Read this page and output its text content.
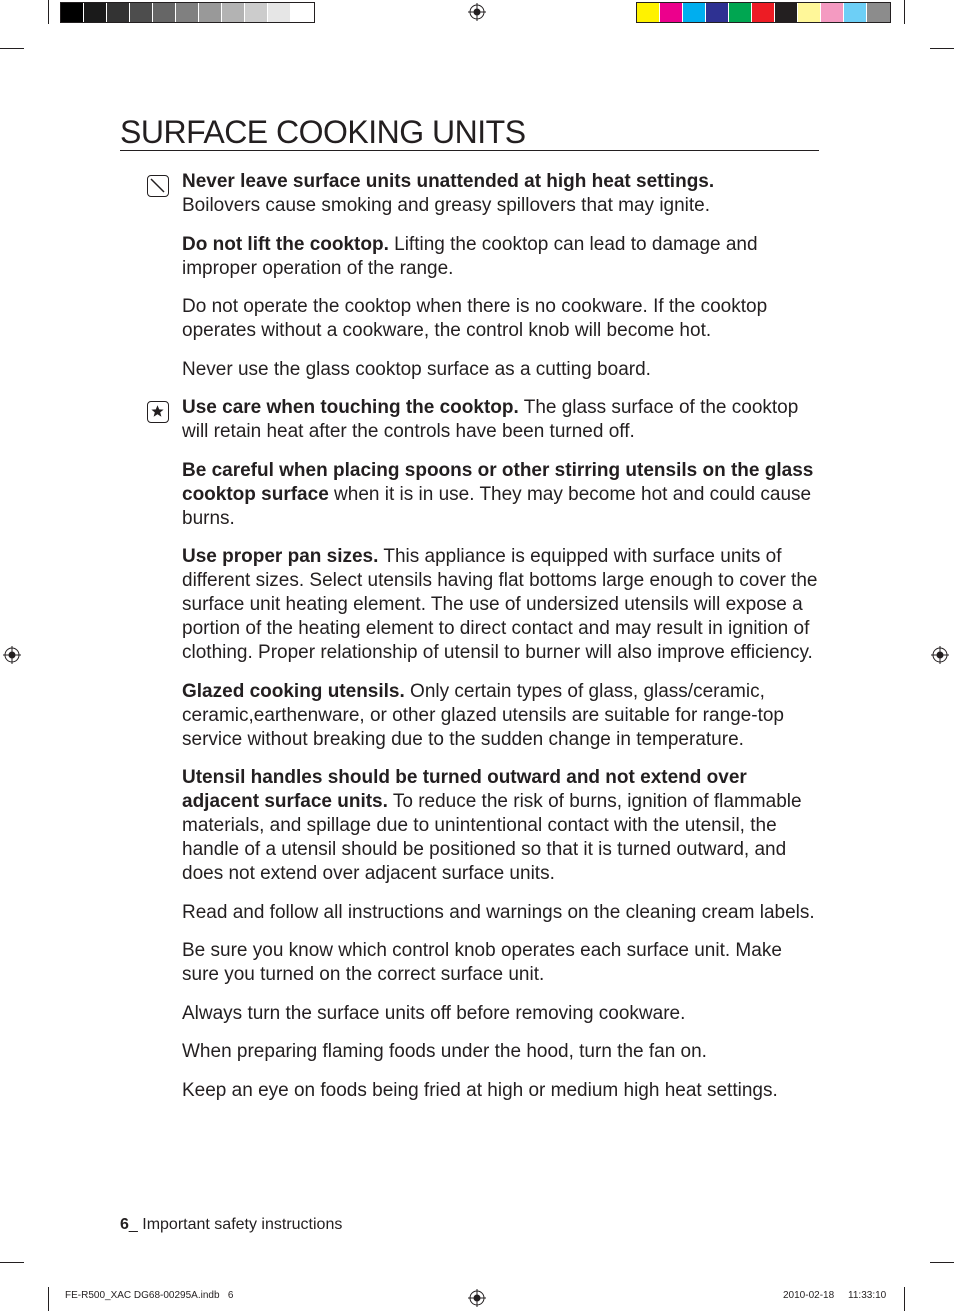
SURFACE COOKING UNITS

Never leave surface units unattended at high heat settings.
Boilovers cause smoking and greasy spillovers that may ignite.

Do not lift the cooktop. Lifting the cooktop can lead to damage and improper operation of the range.

Do not operate the cooktop when there is no cookware. If the cooktop operates without a cookware, the control knob will become hot.

Never use the glass cooktop surface as a cutting board.

Use care when touching the cooktop. The glass surface of the cooktop will retain heat after the controls have been turned off.

Be careful when placing spoons or other stirring utensils on the glass cooktop surface when it is in use. They may become hot and could cause burns.

Use proper pan sizes. This appliance is equipped with surface units of different sizes. Select utensils having flat bottoms large enough to cover the surface unit heating element. The use of undersized utensils will expose a portion of the heating element to direct contact and may result in ignition of clothing. Proper relationship of utensil to burner will also improve efficiency.

Glazed cooking utensils. Only certain types of glass, glass/ceramic, ceramic,earthenware, or other glazed utensils are suitable for range-top service without breaking due to the sudden change in temperature.

Utensil handles should be turned outward and not extend over adjacent surface units. To reduce the risk of burns, ignition of flammable materials, and spillage due to unintentional contact with the utensil, the handle of a utensil should be positioned so that it is turned outward, and does not extend over adjacent surface units.

Read and follow all instructions and warnings on the cleaning cream labels.

Be sure you know which control knob operates each surface unit. Make sure you turned on the correct surface unit.

Always turn the surface units off before removing cookware.

When preparing flaming foods under the hood, turn the fan on.

Keep an eye on foods being fried at high or medium high heat settings.

6_ Important safety instructions
FE-R500_XAC DG68-00295A.indb   6	2010-02-18     11:33:10
